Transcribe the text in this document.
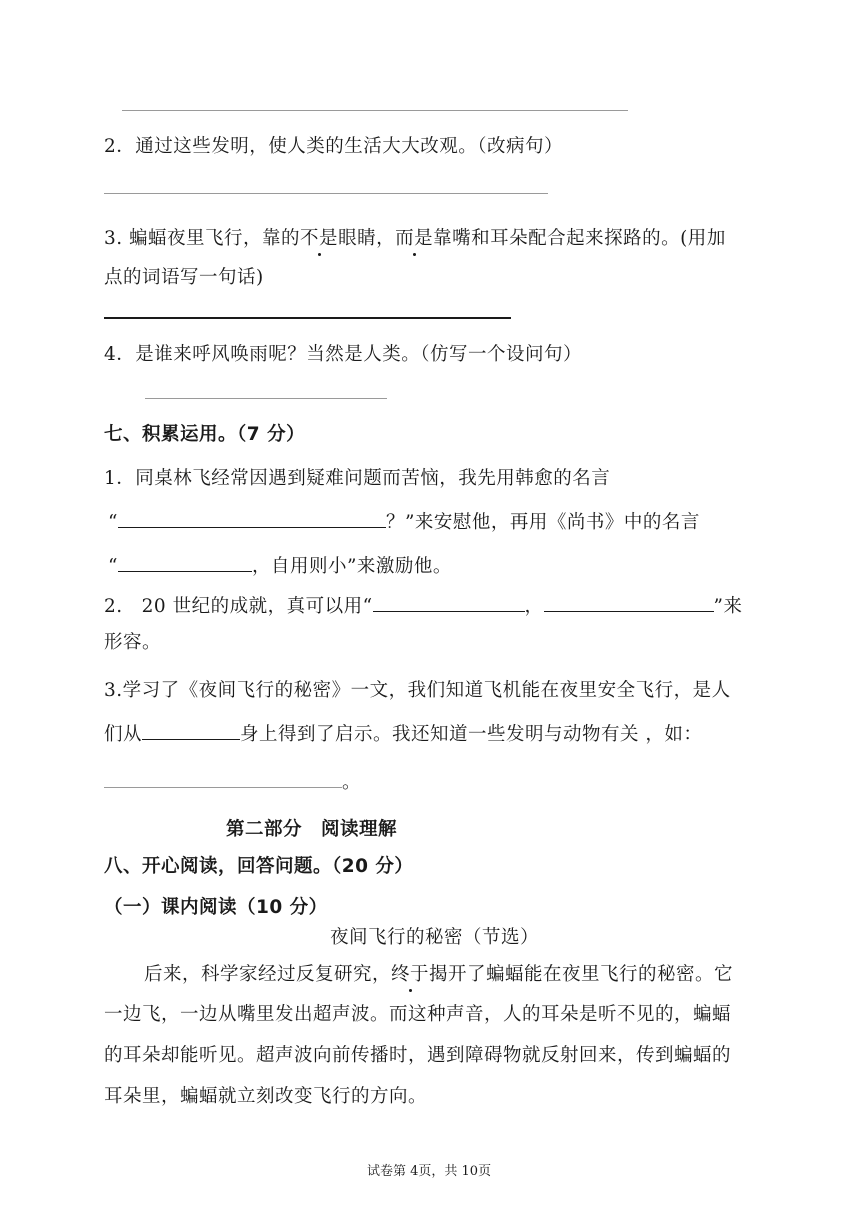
2．通过这些发明，使人类的生活大大改观。（改病句）
3. 蝙蝠夜里飞行，靠的不是眼睛，而是靠嘴和耳朵配合起来探路的。(用加
点的词语写一句话)
4．是谁来呼风唤雨呢？当然是人类。（仿写一个设问句）
七、积累运用。（7 分）
1．同桌林飞经常因遇到疑难问题而苦恼，我先用韩愈的名言
“	？”来安慰他，再用《尚书》中的名言
“	，自用则小”来激励他。
2.　20 世纪的成就，真可以用“	，	”来
形容。
3.学习了《夜间飞行的秘密》一文，我们知道飞机能在夜里安全飞行，是人
们从	身上得到了启示。我还知道一些发明与动物有关 ，如：
。
第二部分　阅读理解
八、开心阅读，回答问题。（20 分）
（一）课内阅读（10 分）
夜间飞行的秘密（节选）
后来，科学家经过反复研究，终于揭开了蝙蝠能在夜里飞行的秘密。它
一边飞，一边从嘴里发出超声波。而这种声音，人的耳朵是听不见的，蝙蝠
的耳朵却能听见。超声波向前传播时，遇到障碍物就反射回来，传到蝙蝠的
耳朵里，蝙蝠就立刻改变飞行的方向。
试卷第 4页，共 10页
